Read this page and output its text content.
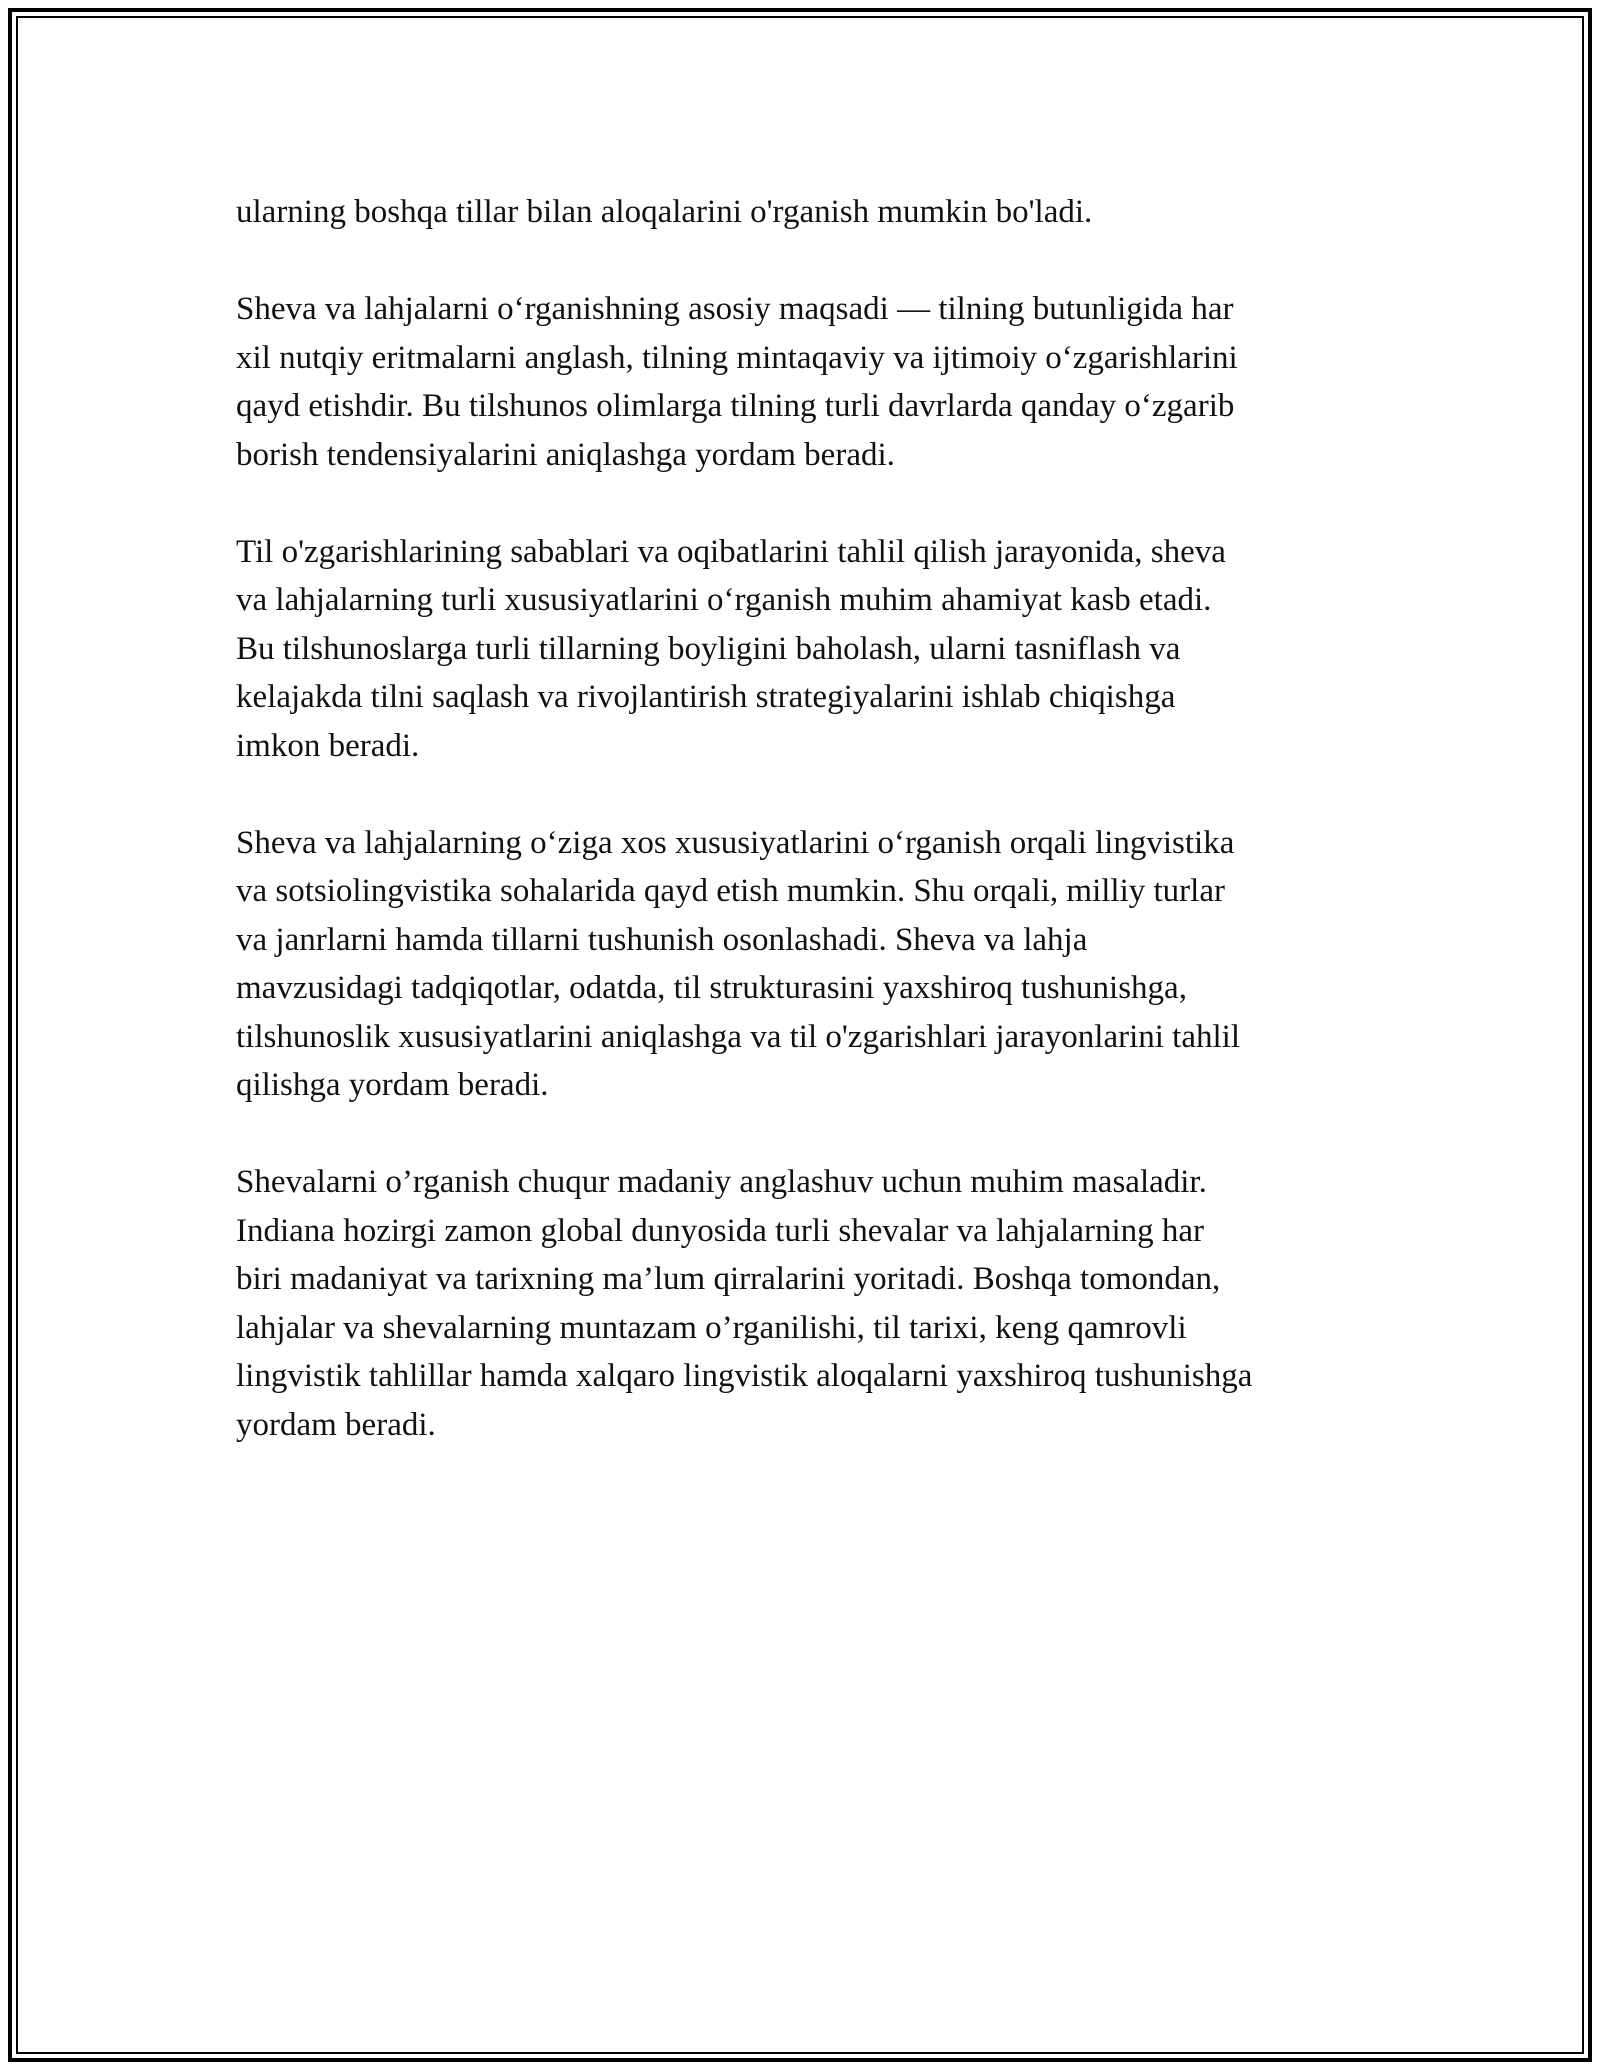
ularning boshqa tillar bilan aloqalarini o'rganish mumkin bo'ladi.

Sheva va lahjalarni o‘rganishning asosiy maqsadi — tilning butunligida har
xil nutqiy eritmalarni anglash, tilning mintaqaviy va ijtimoiy o‘zgarishlarini
qayd etishdir. Bu tilshunos olimlarga tilning turli davrlarda qanday o‘zgarib
borish tendensiyalarini aniqlashga yordam beradi.

Til o'zgarishlarining sabablari va oqibatlarini tahlil qilish jarayonida, sheva
va lahjalarning turli xususiyatlarini o‘rganish muhim ahamiyat kasb etadi.
Bu tilshunoslarga turli tillarning boyligini baholash, ularni tasniflash va
kelajakda tilni saqlash va rivojlantirish strategiyalarini ishlab chiqishga
imkon beradi.

Sheva va lahjalarning o‘ziga xos xususiyatlarini o‘rganish orqali lingvistika
va sotsiolingvistika sohalarida qayd etish mumkin. Shu orqali, milliy turlar
va janrlarni hamda tillarni tushunish osonlashadi. Sheva va lahja
mavzusidagi tadqiqotlar, odatda, til strukturasini yaxshiroq tushunishga,
tilshunoslik xususiyatlarini aniqlashga va til o'zgarishlari jarayonlarini tahlil
qilishga yordam beradi.

Shevalarni o’rganish chuqur madaniy anglashuv uchun muhim masaladir.
Indiana hozirgi zamon global dunyosida turli shevalar va lahjalarning har
biri madaniyat va tarixning ma’lum qirralarini yoritadi. Boshqa tomondan,
lahjalar va shevalarning muntazam o’rganilishi, til tarixi, keng qamrovli
lingvistik tahlillar hamda xalqaro lingvistik aloqalarni yaxshiroq tushunishga
yordam beradi.
